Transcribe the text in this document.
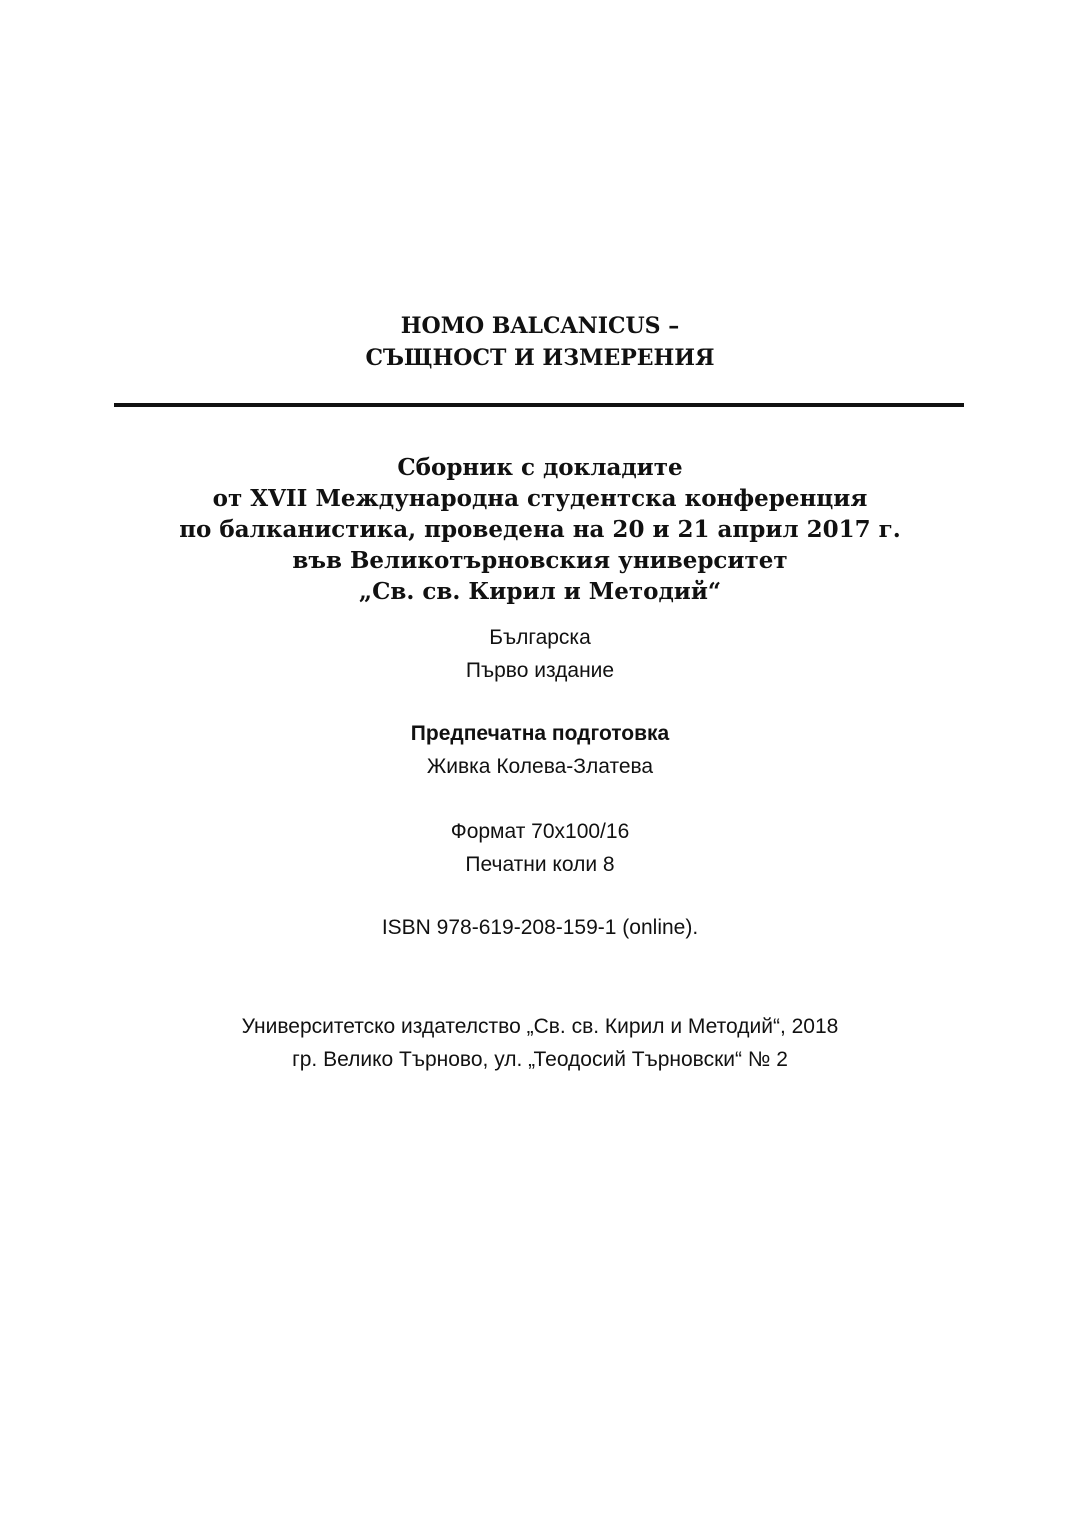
HOMO BALCANICUS –
СЪЩНОСТ И ИЗМЕРЕНИЯ
Сборник с докладите
от XVII Международна студентска конференция
по балканистика, проведена на 20 и 21 април 2017 г.
във Великотърновския университет
„Св. св. Кирил и Методий“
Българска
Първо издание
Предпечатна подготовка
Живка Колева-Златева
Формат 70x100/16
Печатни коли 8
ISBN 978-619-208-159-1 (online).
Университетско издателство „Св. св. Кирил и Методий“, 2018
гр. Велико Търново, ул. „Теодосий Търновски“ № 2
